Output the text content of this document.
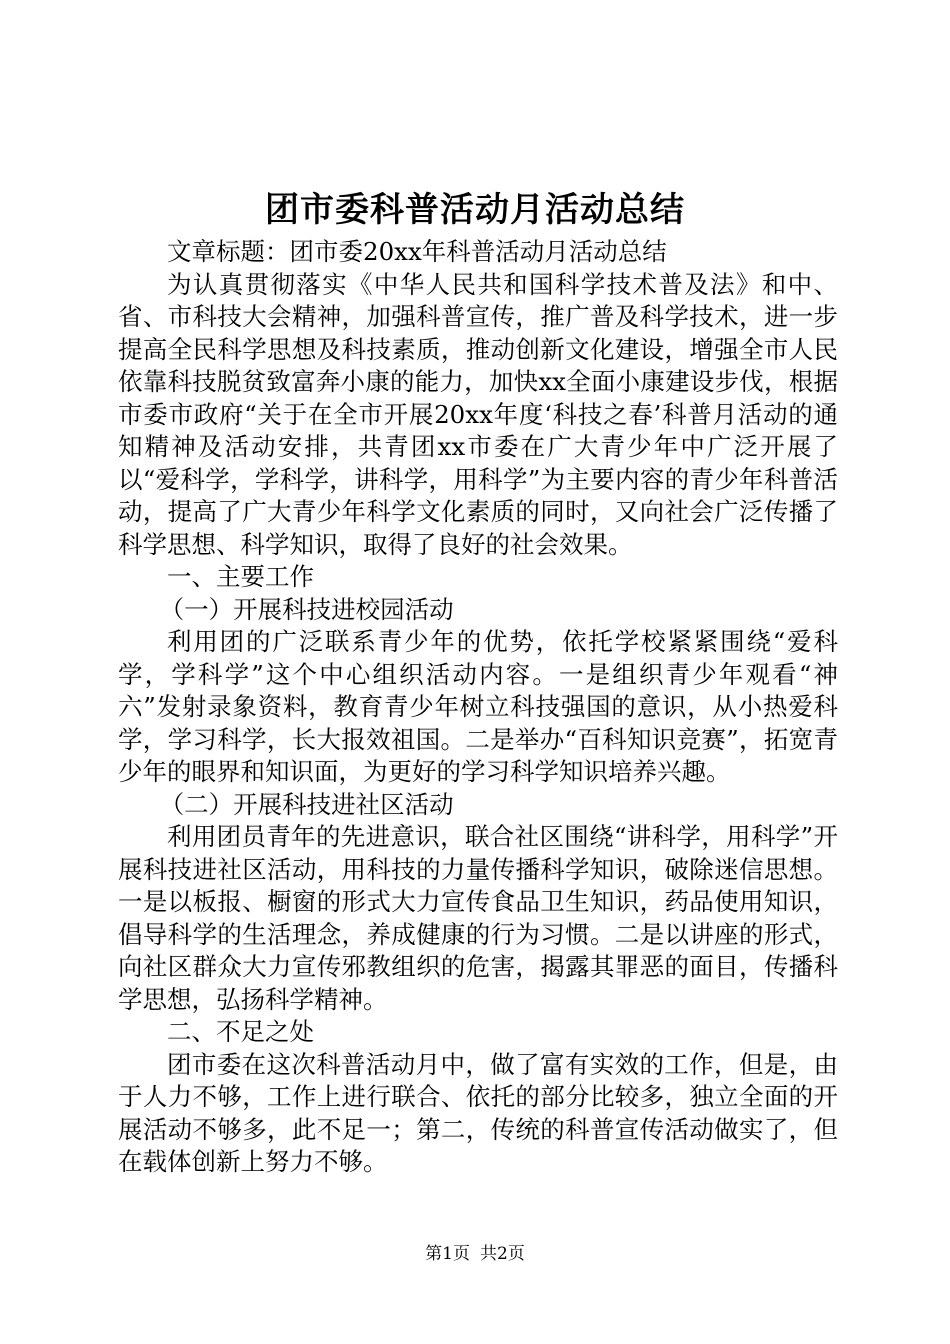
团市委科普活动月活动总结

文章标题：团市委20xx年科普活动月活动总结

为认真贯彻落实《中华人民共和国科学技术普及法》和中、省、市科技大会精神，加强科普宣传，推广普及科学技术，进一步提高全民科学思想及科技素质，推动创新文化建设，增强全市人民依靠科技脱贫致富奔小康的能力，加快xx全面小康建设步伐，根据市委市政府“关于在全市开展20xx年度‘科技之春’科普月活动的通知精神及活动安排，共青团xx市委在广大青少年中广泛开展了以“爱科学，学科学，讲科学，用科学”为主要内容的青少年科普活动，提高了广大青少年科学文化素质的同时，又向社会广泛传播了科学思想、科学知识，取得了良好的社会效果。

一、主要工作

（一）开展科技进校园活动

利用团的广泛联系青少年的优势，依托学校紧紧围绕“爱科学，学科学”这个中心组织活动内容。一是组织青少年观看“神六”发射录象资料，教育青少年树立科技强国的意识，从小热爱科学，学习科学，长大报效祖国。二是举办“百科知识竞赛”，拓宽青少年的眼界和知识面，为更好的学习科学知识培养兴趣。

（二）开展科技进社区活动

利用团员青年的先进意识，联合社区围绕“讲科学，用科学”开展科技进社区活动，用科技的力量传播科学知识，破除迷信思想。一是以板报、橱窗的形式大力宣传食品卫生知识，药品使用知识，倡导科学的生活理念，养成健康的行为习惯。二是以讲座的形式，向社区群众大力宣传邪教组织的危害，揭露其罪恶的面目，传播科学思想，弘扬科学精神。

二、不足之处

团市委在这次科普活动月中，做了富有实效的工作，但是，由于人力不够，工作上进行联合、依托的部分比较多，独立全面的开展活动不够多，此不足一；第二，传统的科普宣传活动做实了，但在载体创新上努力不够。

第1页 共2页
